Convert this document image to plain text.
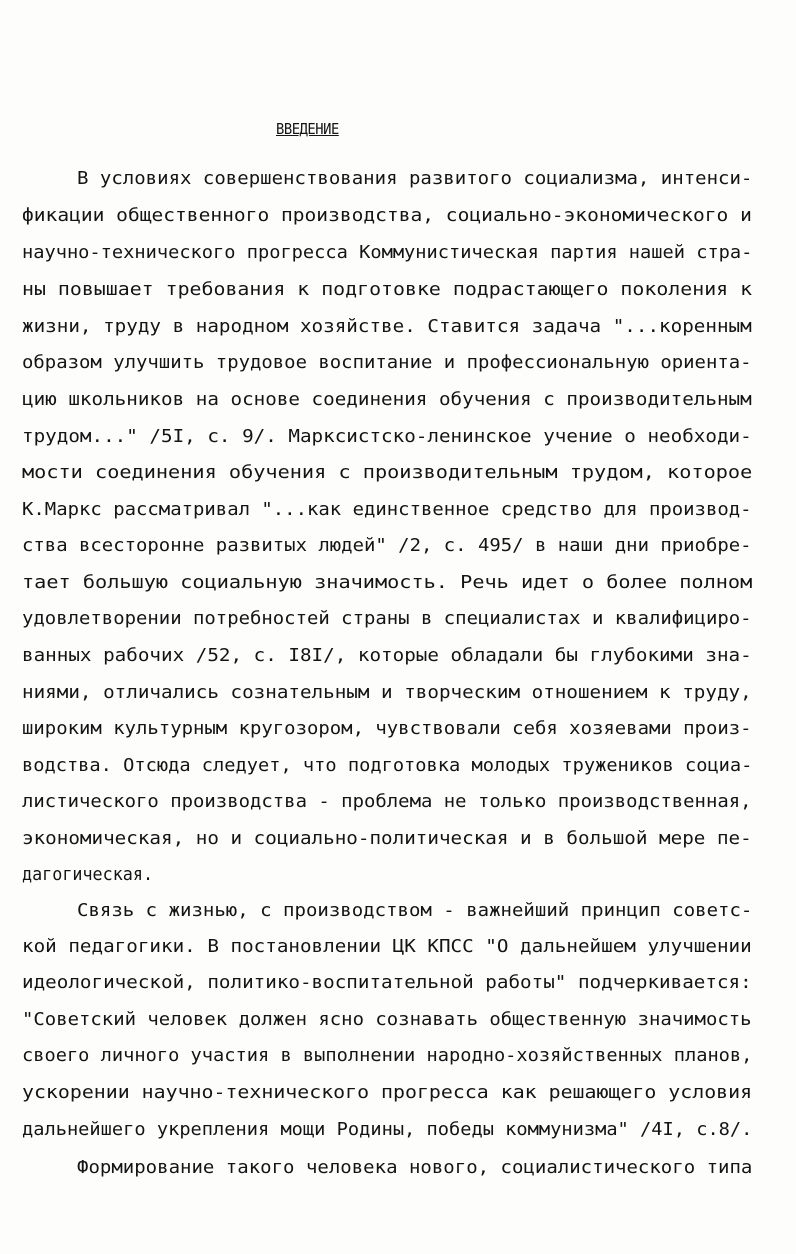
ВВЕДЕНИЕ
В условиях совершенствования развитого социализма, интенси-
фикации общественного производства, социально-экономического и
научно-технического прогресса Коммунистическая партия нашей стра-
ны повышает требования к подготовке подрастающего поколения к
жизни, труду в народном хозяйстве. Ставится задача "...коренным
образом улучшить трудовое воспитание и профессиональную ориента-
цию школьников на основе соединения обучения с производительным
трудом..." /5I, с. 9/. Марксистско-ленинское учение о необходи-
мости соединения обучения с производительным трудом, которое
К.Маркс рассматривал "...как единственное средство для производ-
ства всесторонне развитых людей" /2, с. 495/ в наши дни приобре-
тает большую социальную значимость. Речь идет о более полном
удовлетворении потребностей страны в специалистах и квалифициро-
ванных рабочих /52, с. I8I/, которые обладали бы глубокими зна-
ниями, отличались сознательным и творческим отношением к труду,
широким культурным кругозором, чувствовали себя хозяевами произ-
водства. Отсюда следует, что подготовка молодых тружеников социа-
листического производства - проблема не только производственная,
экономическая, но и социально-политическая и в большой мере пе-
дагогическая.
Связь с жизнью, с производством - важнейший принцип советс-
кой педагогики. В постановлении ЦК КПСС "О дальнейшем улучшении
идеологической, политико-воспитательной работы" подчеркивается:
"Советский человек должен ясно сознавать общественную значимость
своего личного участия в выполнении народно-хозяйственных планов,
ускорении научно-технического прогресса как решающего условия
дальнейшего укрепления мощи Родины, победы коммунизма" /4I, с.8/.
Формирование такого человека нового, социалистического типа
